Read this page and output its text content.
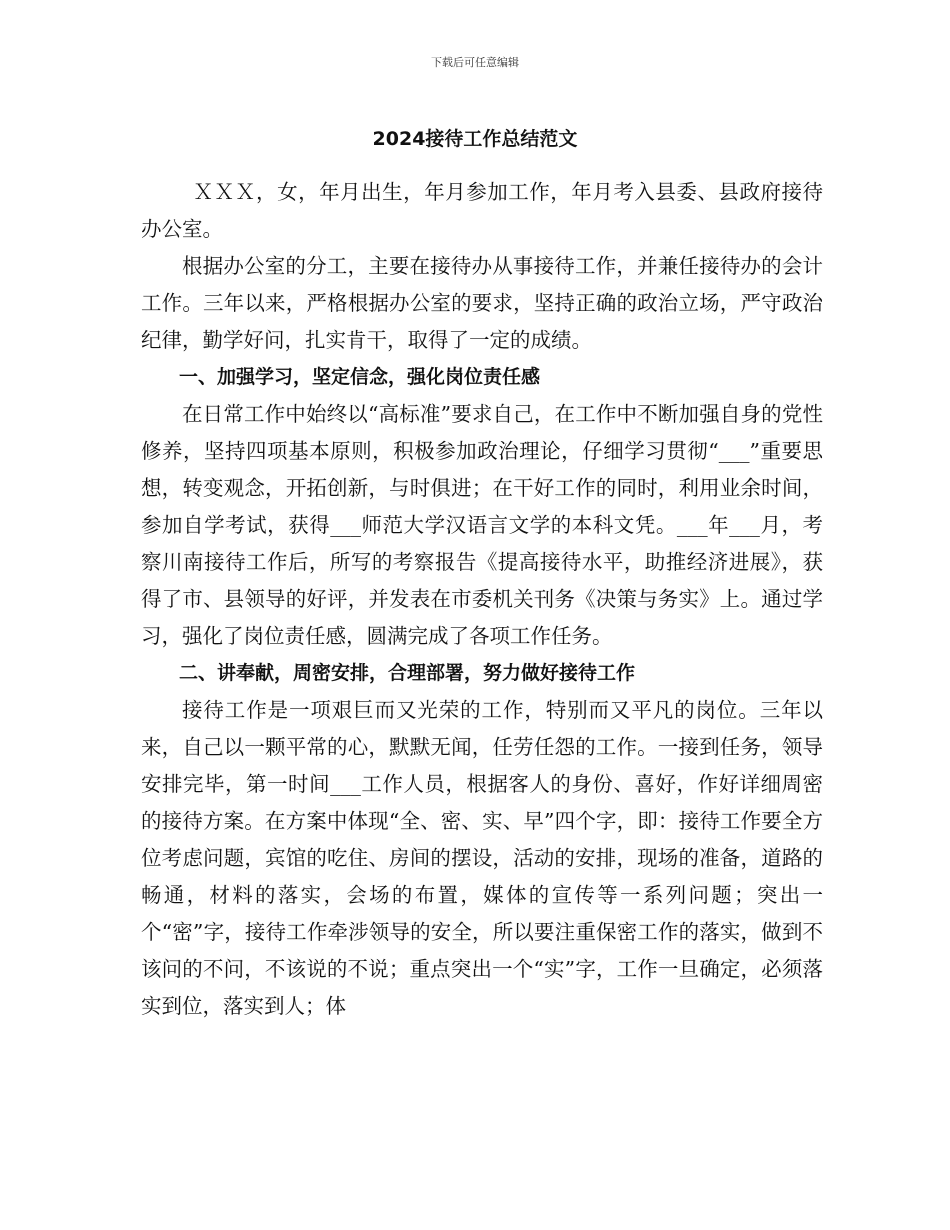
下载后可任意编辑
2024接待工作总结范文

ＸＸＸ，女，年月出生，年月参加工作，年月考入县委、县政府接待办公室。

根据办公室的分工，主要在接待办从事接待工作，并兼任接待办的会计工作。三年以来，严格根据办公室的要求，坚持正确的政治立场，严守政治纪律，勤学好问，扎实肯干，取得了一定的成绩。

一、加强学习，坚定信念，强化岗位责任感

在日常工作中始终以“高标准”要求自己，在工作中不断加强自身的党性修养，坚持四项基本原则，积极参加政治理论，仔细学习贯彻“___”重要思想，转变观念，开拓创新，与时俱进；在干好工作的同时，利用业余时间，参加自学考试，获得___师范大学汉语言文学的本科文凭。___年___月，考察川南接待工作后，所写的考察报告《提高接待水平，助推经济进展》，获得了市、县领导的好评，并发表在市委机关刊务《决策与务实》上。通过学习，强化了岗位责任感，圆满完成了各项工作任务。

二、讲奉献，周密安排，合理部署，努力做好接待工作

接待工作是一项艰巨而又光荣的工作，特别而又平凡的岗位。三年以来，自己以一颗平常的心，默默无闻，任劳任怨的工作。一接到任务，领导安排完毕，第一时间___工作人员，根据客人的身份、喜好，作好详细周密的接待方案。在方案中体现“全、密、实、早”四个字，即：接待工作要全方位考虑问题，宾馆的吃住、房间的摆设，活动的安排，现场的准备，道路的畅通，材料的落实，会场的布置，媒体的宣传等一系列问题；突出一个“密”字，接待工作牵涉领导的安全，所以要注重保密工作的落实，做到不该问的不问，不该说的不说；重点突出一个“实”字，工作一旦确定，必须落实到位，落实到人；体
